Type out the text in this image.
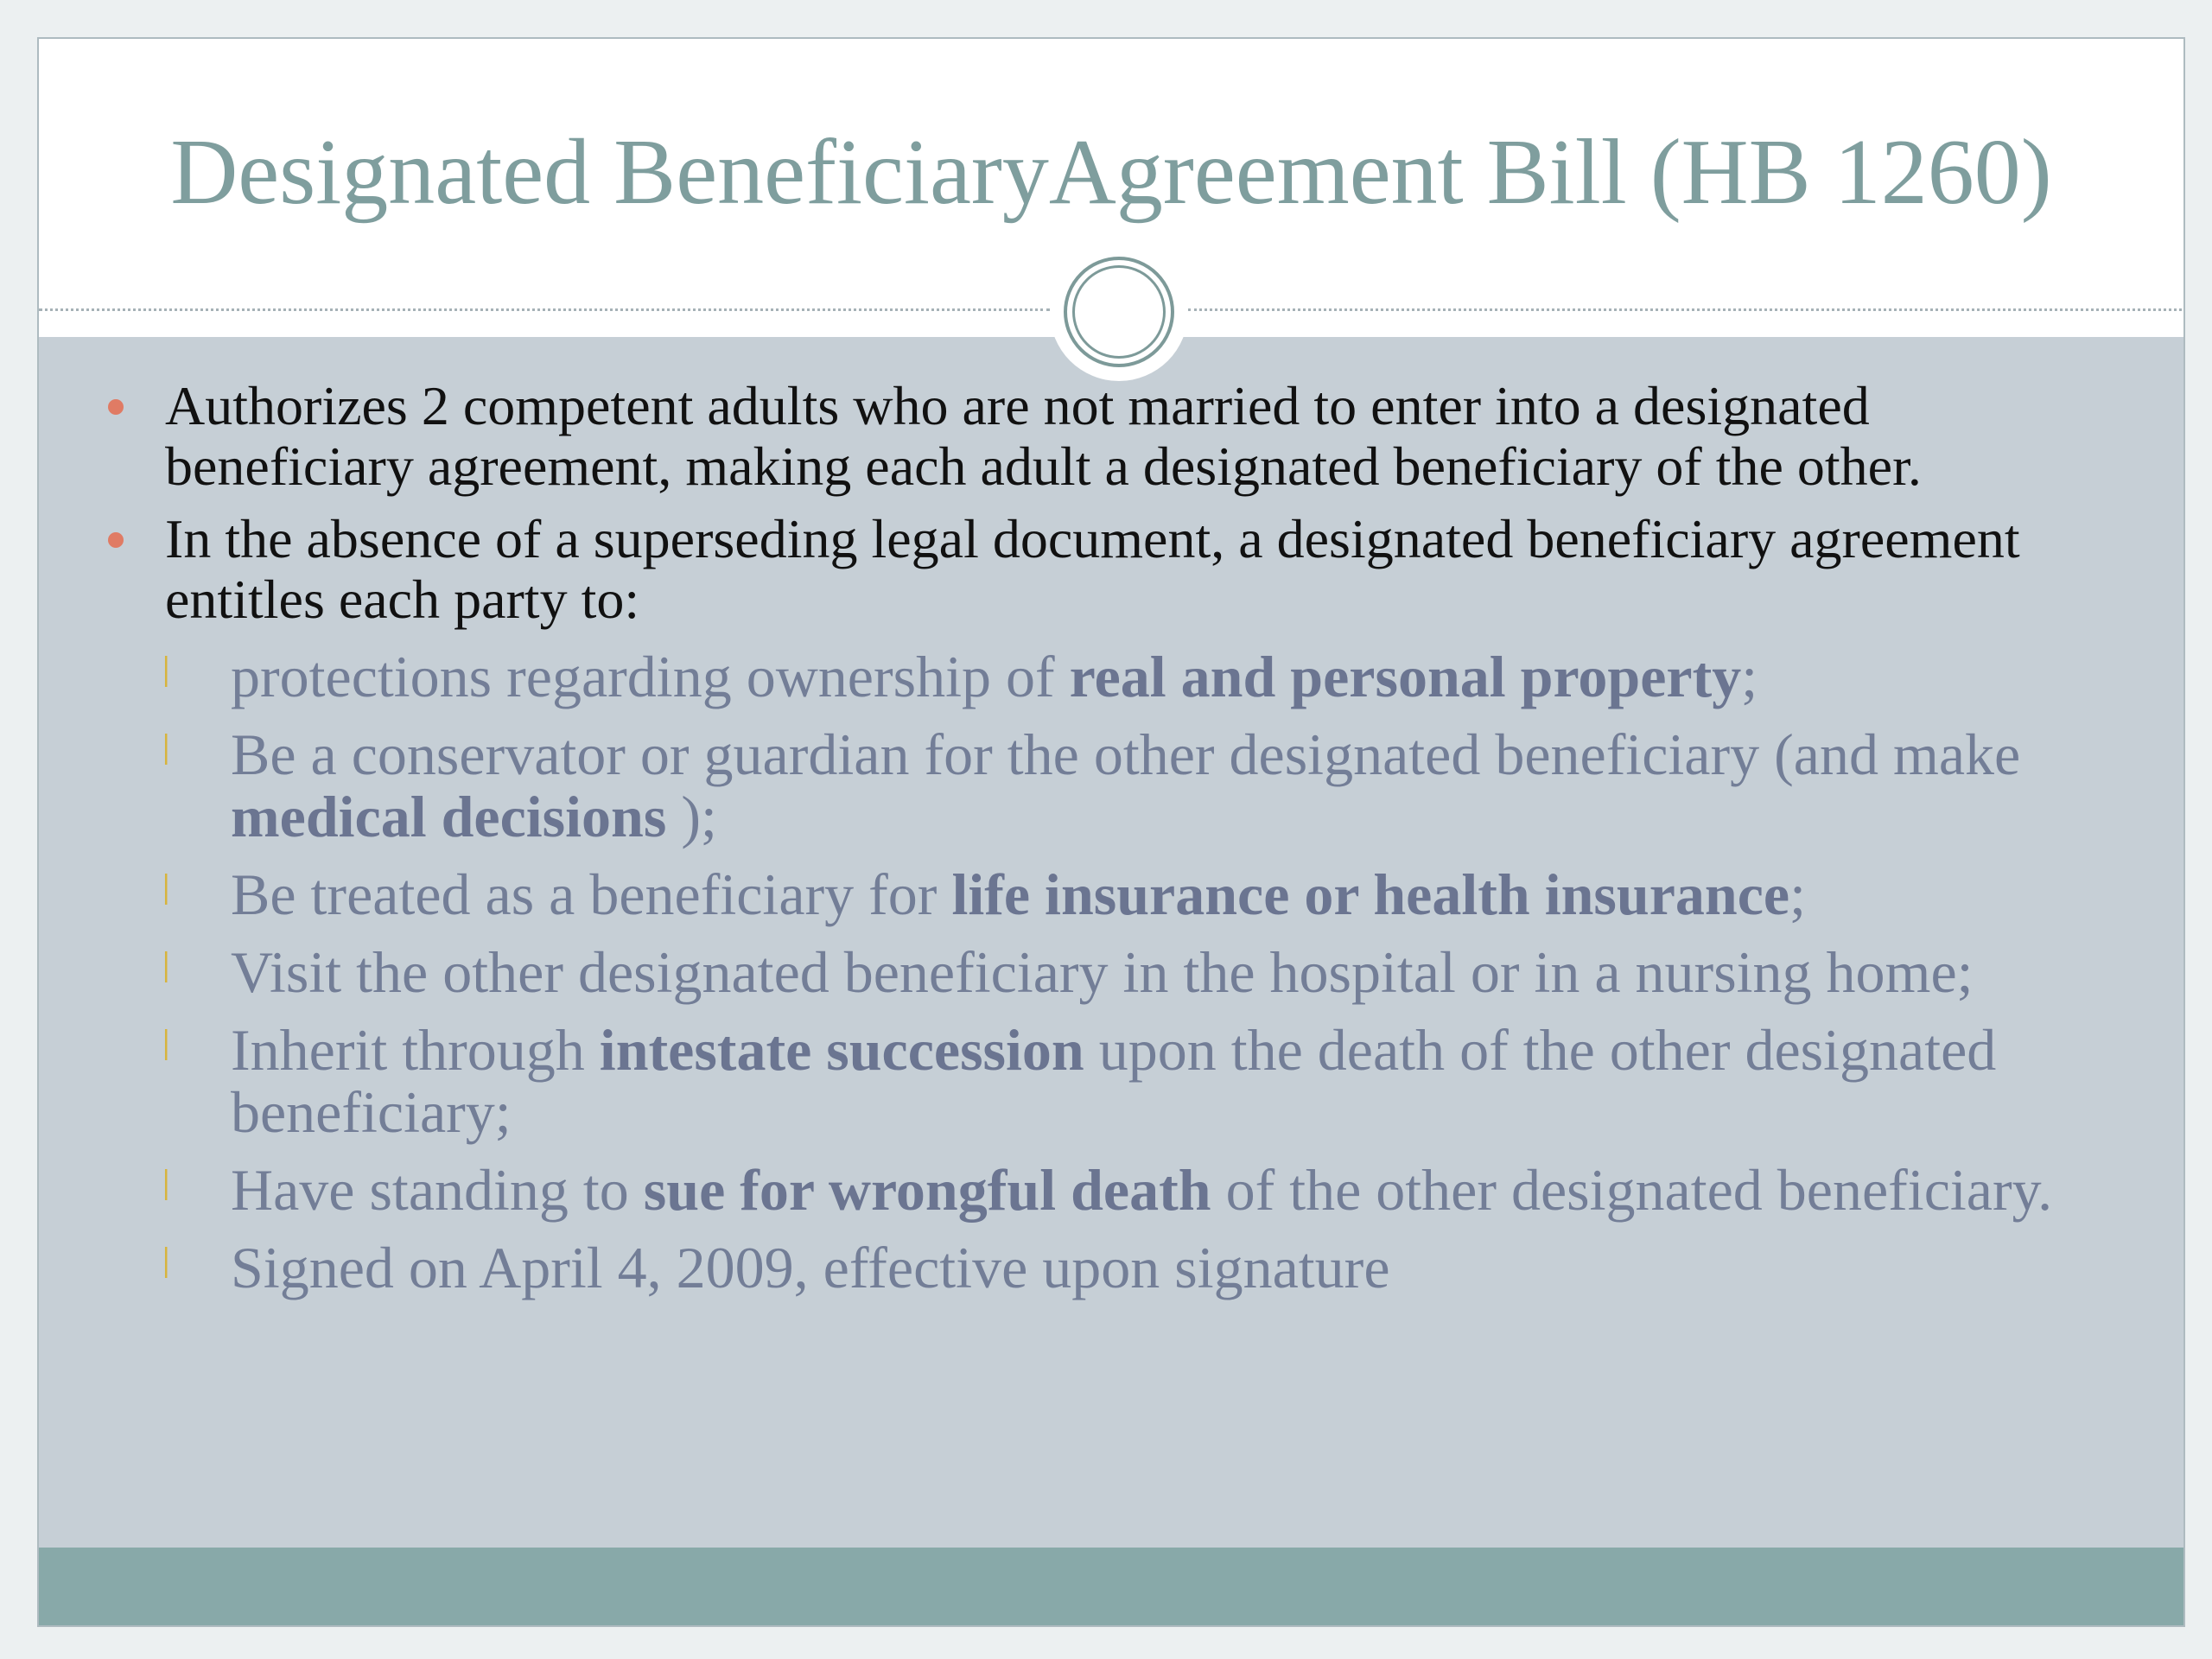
Designated BeneficiaryAgreement Bill (HB 1260)
Authorizes 2 competent adults who are not married to enter into a designated beneficiary agreement, making each adult a designated beneficiary of the other.
In the absence of a superseding legal document, a designated beneficiary agreement entitles each party to:
ǀ protections regarding ownership of real and personal property;
ǀ Be a conservator or guardian for the other designated beneficiary (and make medical decisions );
ǀ Be treated as a beneficiary for life insurance or health insurance;
ǀ Visit the other designated beneficiary in the hospital or in a nursing home;
ǀ Inherit through intestate succession upon the death of the other designated beneficiary;
ǀ Have standing to sue for wrongful death of the other designated beneficiary.
ǀ Signed on April 4, 2009, effective upon signature
